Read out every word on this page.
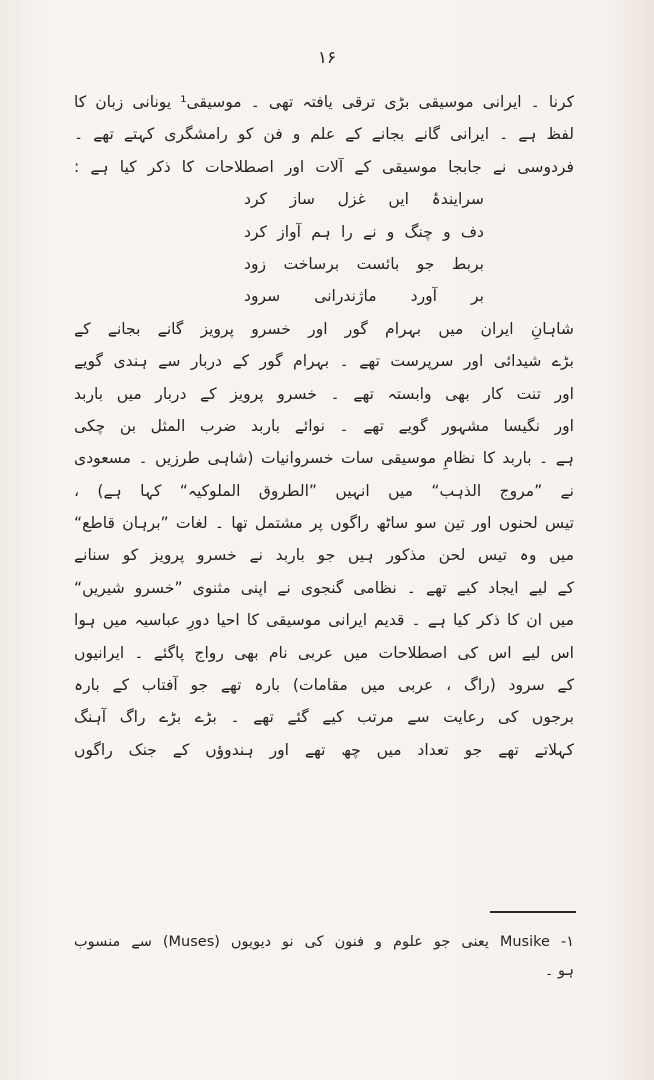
۱۶
کرنا ۔ ایرانی موسیقی بڑی ترقی یافتہ تھی ۔ موسیقی¹ یونانی زبان کا
لفظ ہے ۔ ایرانی گانے بجانے کے علم و فن کو رامشگری کہتے تھے ۔
فردوسی نے جابجا موسیقی کے آلات اور اصطلاحات کا ذکر کیا ہے :
سرایندۂ ایں غزل ساز کرد
دف و چنگ و نے را ہم آواز کرد
بربط جو بائست برساخت زود
بر آورد ماژندرانی سرود
شاہانِ ایران میں بہرام گور اور خسرو پرویز گانے بجانے کے
بڑے شیدائی اور سرپرست تھے ۔ بہرام گور کے دربار سے ہندی گویے
اور تنت کار بھی وابستہ تھے ۔ خسرو پرویز کے دربار میں باربد
اور نگیسا مشہور گویے تھے ۔ نوائے باربد ضرب المثل بن چکی
ہے ۔ باربد کا نظامِ موسیقی سات خسروانیات (شاہی طرزیں ۔ مسعودی
نے ”مروج الذہب“ میں انہیں ”الطروق الملوکیہ“ کہا ہے) ،
تیس لحنوں اور تین سو ساٹھ راگوں پر مشتمل تھا ۔ لغات ”برہان قاطع“
میں وہ تیس لحن مذکور ہیں جو باربد نے خسرو پرویز کو سنانے
کے لیے ایجاد کیے تھے ۔ نظامی گنجوی نے اپنی مثنوی ”خسرو شیریں“
میں ان کا ذکر کیا ہے ۔ قدیم ایرانی موسیقی کا احیا دورِ عباسیہ میں ہوا
اس لیے اس کی اصطلاحات میں عربی نام بھی رواج پاگئے ۔ ایرانیوں
کے سرود (راگ ، عربی میں مقامات) بارہ تھے جو آفتاب کے بارہ
برجوں کی رعایت سے مرتب کیے گئے تھے ۔ بڑے بڑے راگ آہنگ
کہلاتے تھے جو تعداد میں چھ تھے اور ہندوؤں کے جنک راگوں
۱- Musike یعنی جو علوم و فنون کی نو دیویوں (Muses) سے منسوب
ہو ۔
